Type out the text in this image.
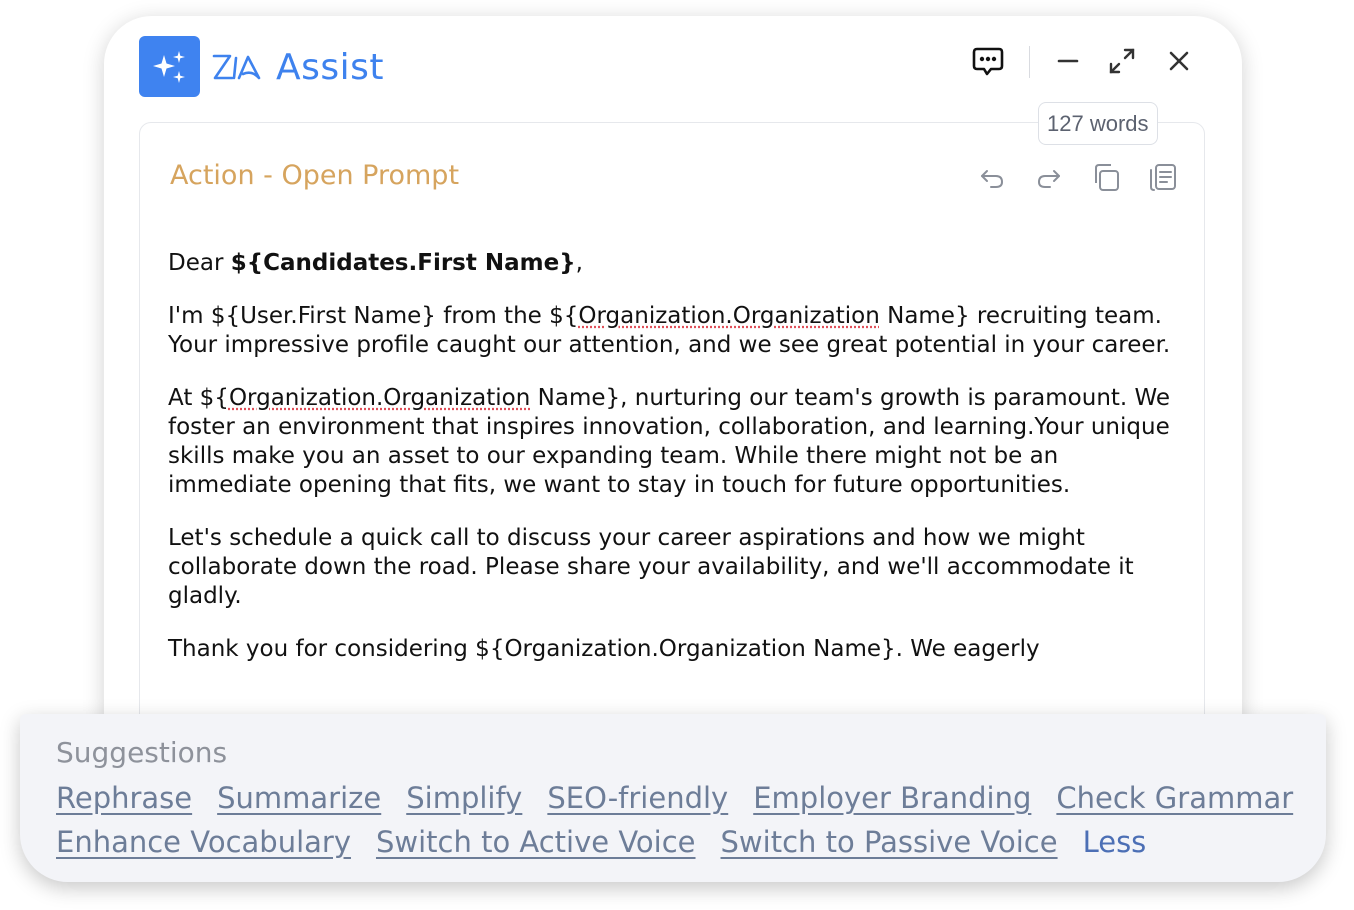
Assist
127 words
Action - Open Prompt

Dear ${Candidates.First Name},

I'm ${User.First Name} from the ${Organization.Organization Name} recruiting team. Your impressive profile caught our attention, and we see great potential in your career.

At ${Organization.Organization Name}, nurturing our team's growth is paramount. We foster an environment that inspires innovation, collaboration, and learning.Your unique skills make you an asset to our expanding team. While there might not be an immediate opening that fits, we want to stay in touch for future opportunities.

Let's schedule a quick call to discuss your career aspirations and how we might collaborate down the road. Please share your availability, and we'll accommodate it gladly.

Thank you for considering ${Organization.Organization Name}. We eagerly

Suggestions
Rephrase Summarize Simplify SEO-friendly Employer Branding Check Grammar
Enhance Vocabulary Switch to Active Voice Switch to Passive Voice Less
